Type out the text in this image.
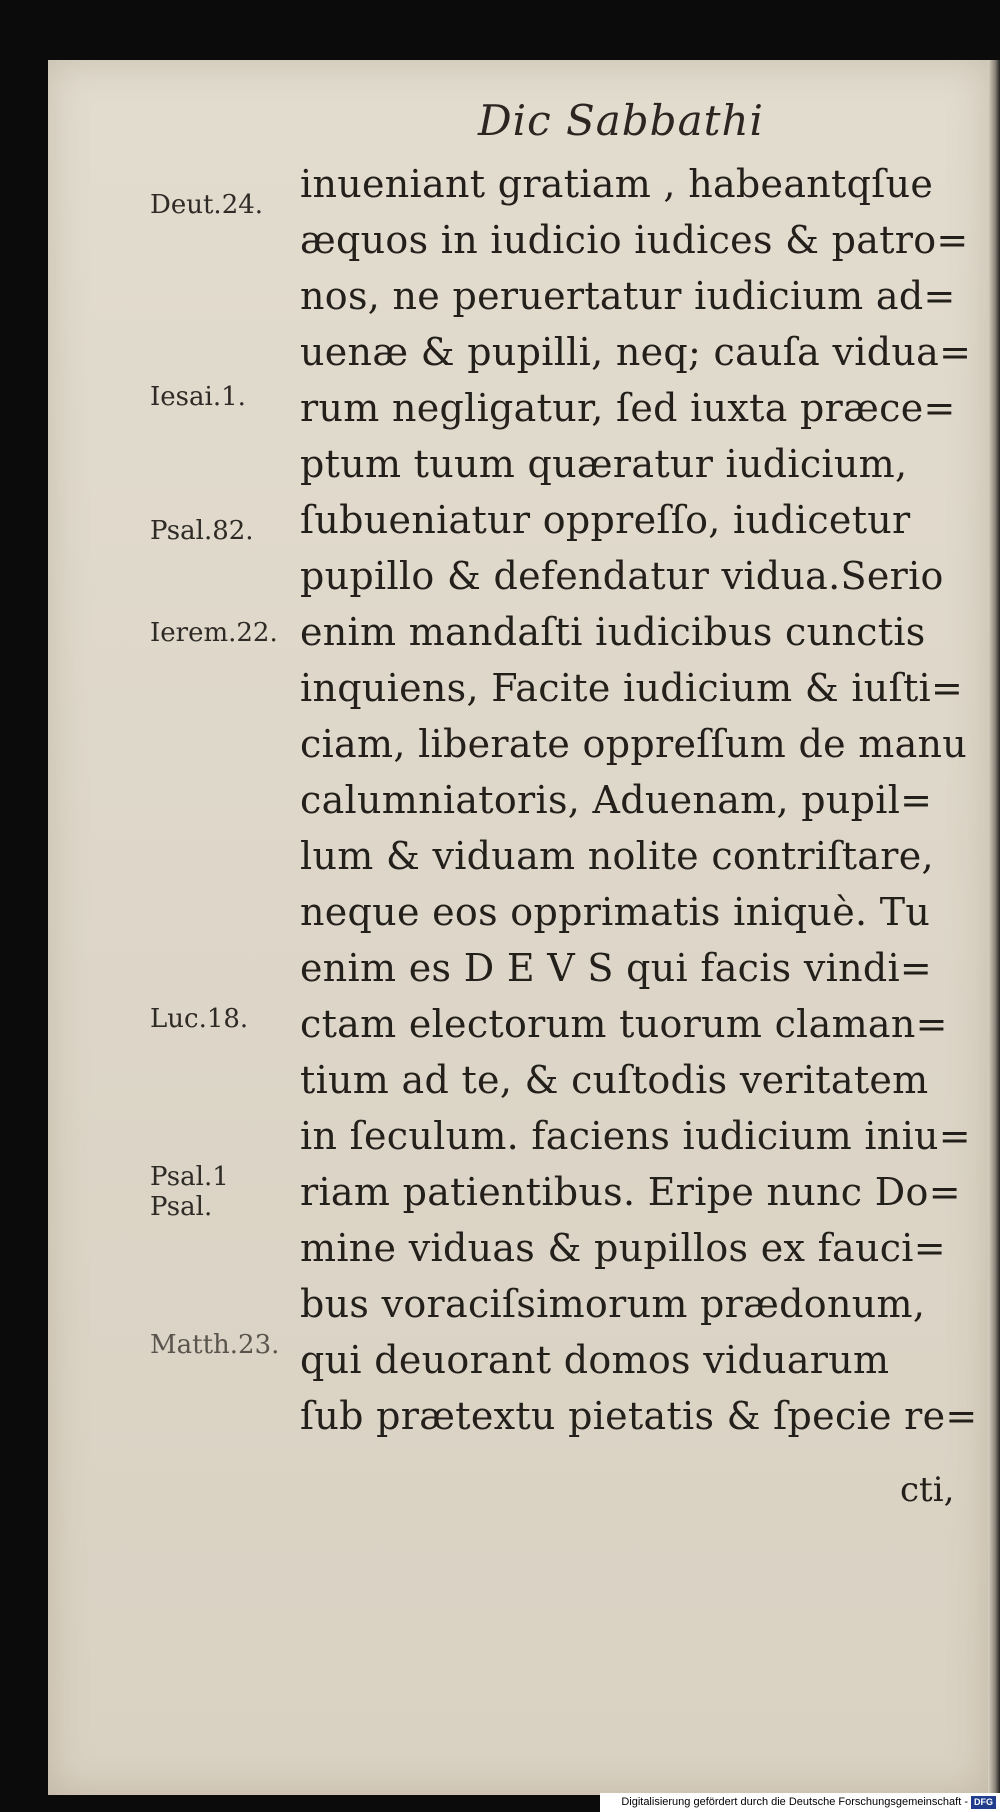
Dic Sabbathi
Deut.24.
Iesai.1.
Psal.82.
Ierem.22.
Luc.18.
Psal.1
Psal.
Matth.23.
inueniant gratiam , habeantqſue
æquos in iudicio iudices & patro=
nos, ne peruertatur iudicium ad=
uenæ & pupilli, neq; cauſa vidua=
rum negligatur, ſed iuxta præce=
ptum tuum quæratur iudicium,
ſubueniatur oppreſſo, iudicetur
pupillo & defendatur vidua.Serio
enim mandaſti iudicibus cunctis
inquiens, Facite iudicium & iuſti=
ciam, liberate oppreſſum de manu
calumniatoris, Aduenam, pupil=
lum & viduam nolite contriſtare,
neque eos opprimatis iniquè. Tu
enim es D E V S qui facis vindi=
ctam electorum tuorum claman=
tium ad te, & cuſtodis veritatem
in ſeculum. faciens iudicium iniu=
riam patientibus. Eripe nunc Do=
mine viduas & pupillos ex fauci=
bus voraciſsimorum prædonum,
qui deuorant domos viduarum
ſub prætextu pietatis & ſpecie re=
cti,
Digitalisierung gefördert durch die Deutsche Forschungsgemeinschaft - DFG
